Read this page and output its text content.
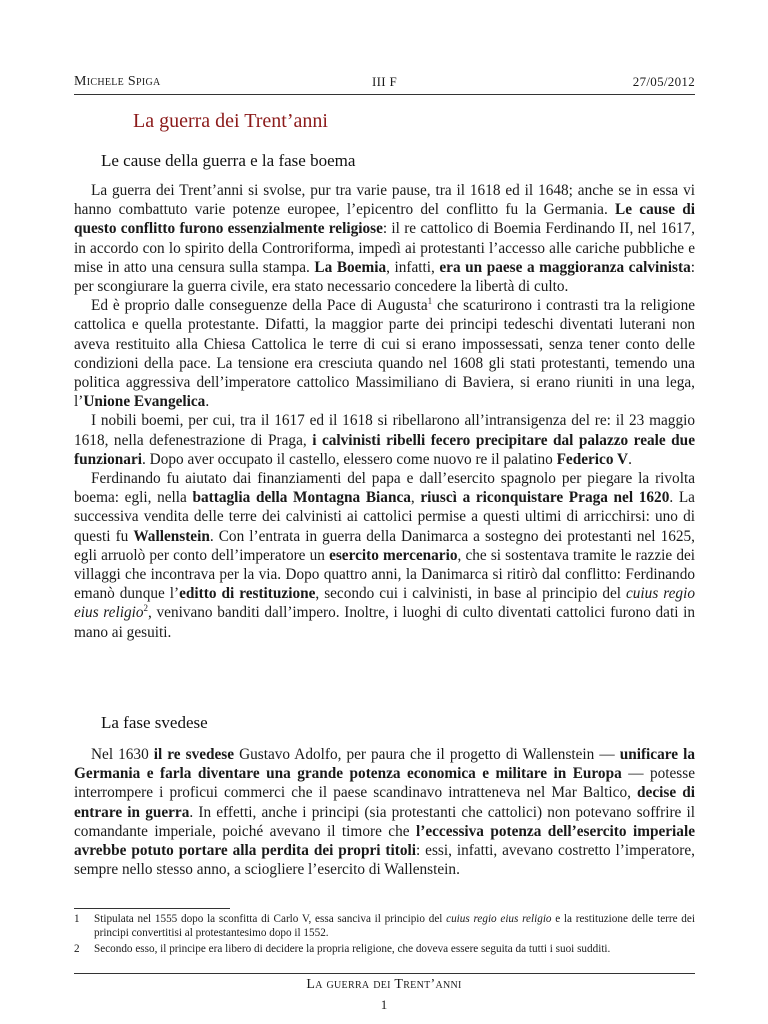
Michele Spiga	III F	27/05/2012
La guerra dei Trent’anni
Le cause della guerra e la fase boema

La guerra dei Trent’anni si svolse, pur tra varie pause, tra il 1618 ed il 1648; anche se in essa vi hanno combattuto varie potenze europee, l’epicentro del conflitto fu la Germania. Le cause di questo conflitto furono essenzialmente religiose: il re cattolico di Boemia Ferdinando II, nel 1617, in accordo con lo spirito della Controriforma, impedì ai protestanti l’accesso alle cariche pubbliche e mise in atto una censura sulla stampa. La Boemia, infatti, era un paese a maggioranza calvinista: per scongiurare la guerra civile, era stato necessario concedere la libertà di culto.

Ed è proprio dalle conseguenze della Pace di Augusta$^1$ che scaturirono i contrasti tra la religione cattolica e quella protestante. Difatti, la maggior parte dei principi tedeschi diventati luterani non aveva restituito alla Chiesa Cattolica le terre di cui si erano impossessati, senza tener conto delle condizioni della pace. La tensione era cresciuta quando nel 1608 gli stati protestanti, temendo una politica aggressiva dell’imperatore cattolico Massimiliano di Baviera, si erano riuniti in una lega, l’Unione Evangelica.

I nobili boemi, per cui, tra il 1617 ed il 1618 si ribellarono all’intransigenza del re: il 23 maggio 1618, nella defenestrazione di Praga, i calvinisti ribelli fecero precipitare dal palazzo reale due funzionari. Dopo aver occupato il castello, elessero come nuovo re il palatino Federico V.

Ferdinando fu aiutato dai finanziamenti del papa e dall’esercito spagnolo per piegare la rivolta boema: egli, nella battaglia della Montagna Bianca, riuscì a riconquistare Praga nel 1620. La successiva vendita delle terre dei calvinisti ai cattolici permise a questi ultimi di arricchirsi: uno di questi fu Wallenstein. Con l’entrata in guerra della Danimarca a sostegno dei protestanti nel 1625, egli arruolò per conto dell’imperatore un esercito mercenario, che si sostentava tramite le razzie dei villaggi che incontrava per la via. Dopo quattro anni, la Danimarca si ritirò dal conflitto: Ferdinando emanò dunque l’editto di restituzione, secondo cui i calvinisti, in base al principio del cuius regio eius religio$^2$, venivano banditi dall’impero. Inoltre, i luoghi di culto diventati cattolici furono dati in mano ai gesuiti.

La fase svedese

Nel 1630 il re svedese Gustavo Adolfo, per paura che il progetto di Wallenstein — unificare la Germania e farla diventare una grande potenza economica e militare in Europa — potesse interrompere i proficui commerci che il paese scandinavo intratteneva nel Mar Baltico, decise di entrare in guerra. In effetti, anche i principi (sia protestanti che cattolici) non potevano soffrire il comandante imperiale, poiché avevano il timore che l’eccessiva potenza dell’esercito imperiale avrebbe potuto portare alla perdita dei propri titoli: essi, infatti, avevano costretto l’imperatore, sempre nello stesso anno, a sciogliere l’esercito di Wallenstein.

1 Stipulata nel 1555 dopo la sconfitta di Carlo V, essa sanciva il principio del cuius regio eius religio e la restituzione delle terre dei principi convertitisi al protestantesimo dopo il 1552.
2 Secondo esso, il principe era libero di decidere la propria religione, che doveva essere seguita da tutti i suoi sudditi.
La guerra dei Trent’anni
1
